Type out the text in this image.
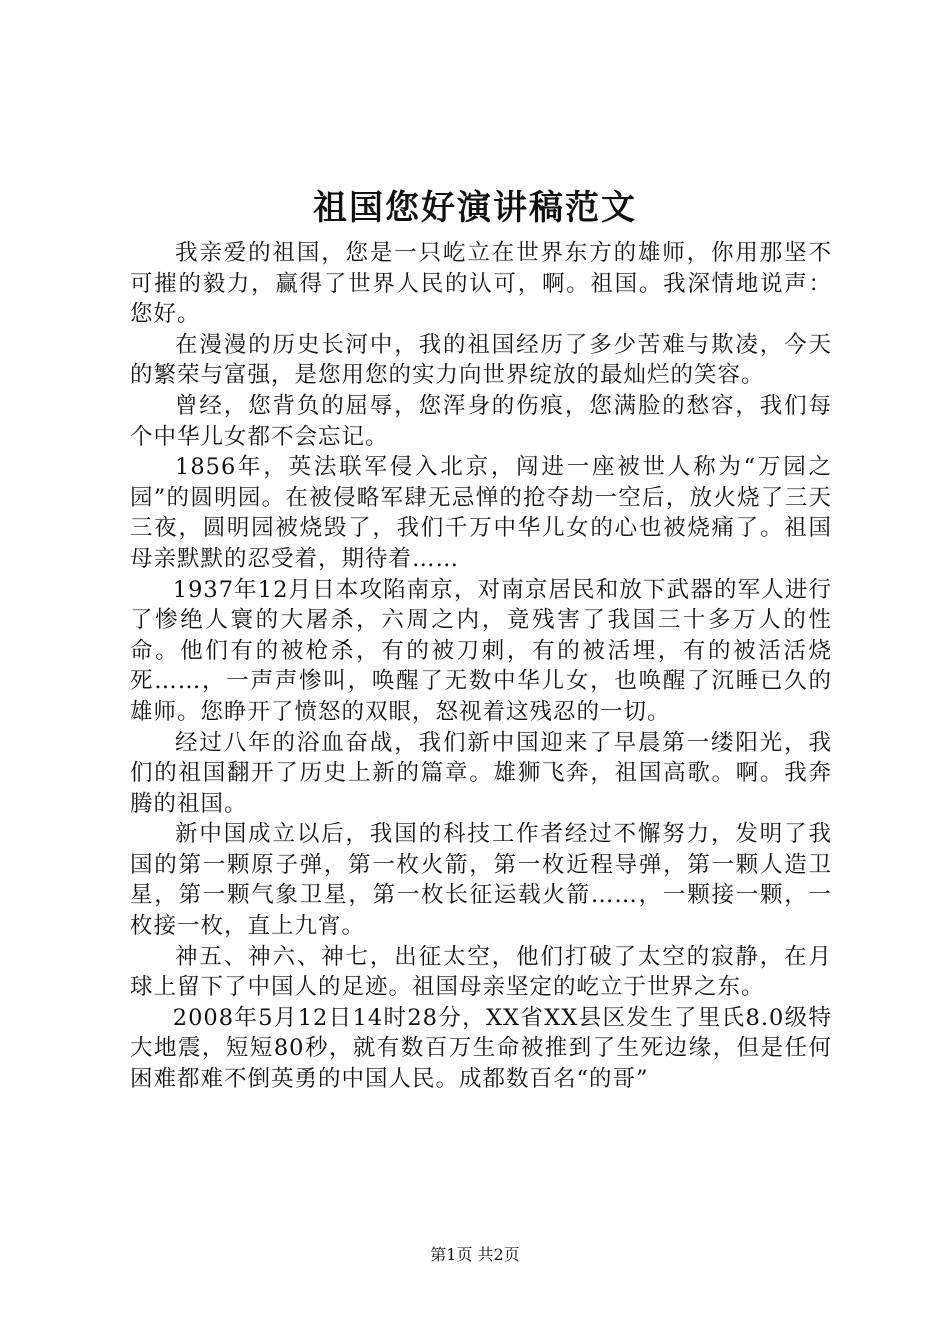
祖国您好演讲稿范文

我亲爱的祖国，您是一只屹立在世界东方的雄师，你用那坚不可摧的毅力，赢得了世界人民的认可，啊。祖国。我深情地说声：您好。

在漫漫的历史长河中，我的祖国经历了多少苦难与欺凌，今天的繁荣与富强，是您用您的实力向世界绽放的最灿烂的笑容。

曾经，您背负的屈辱，您浑身的伤痕，您满脸的愁容，我们每个中华儿女都不会忘记。

1856年，英法联军侵入北京，闯进一座被世人称为“万园之园”的圆明园。在被侵略军肆无忌惮的抢夺劫一空后，放火烧了三天三夜，圆明园被烧毁了，我们千万中华儿女的心也被烧痛了。祖国母亲默默的忍受着，期待着……

1937年12月日本攻陷南京，对南京居民和放下武器的军人进行了惨绝人寰的大屠杀，六周之内，竟残害了我国三十多万人的性命。他们有的被枪杀，有的被刀刺，有的被活埋，有的被活活烧死……，一声声惨叫，唤醒了无数中华儿女，也唤醒了沉睡已久的雄师。您睁开了愤怒的双眼，怒视着这残忍的一切。

经过八年的浴血奋战，我们新中国迎来了早晨第一缕阳光，我们的祖国翻开了历史上新的篇章。雄狮飞奔，祖国高歌。啊。我奔腾的祖国。

新中国成立以后，我国的科技工作者经过不懈努力，发明了我国的第一颗原子弹，第一枚火箭，第一枚近程导弹，第一颗人造卫星，第一颗气象卫星，第一枚长征运载火箭……，一颗接一颗，一枚接一枚，直上九宵。

神五、神六、神七，出征太空，他们打破了太空的寂静，在月球上留下了中国人的足迹。祖国母亲坚定的屹立于世界之东。

2008年5月12日14时28分，XX省XX县区发生了里氏8.0级特大地震，短短80秒，就有数百万生命被推到了生死边缘，但是任何困难都难不倒英勇的中国人民。成都数百名“的哥”

第1页 共2页
